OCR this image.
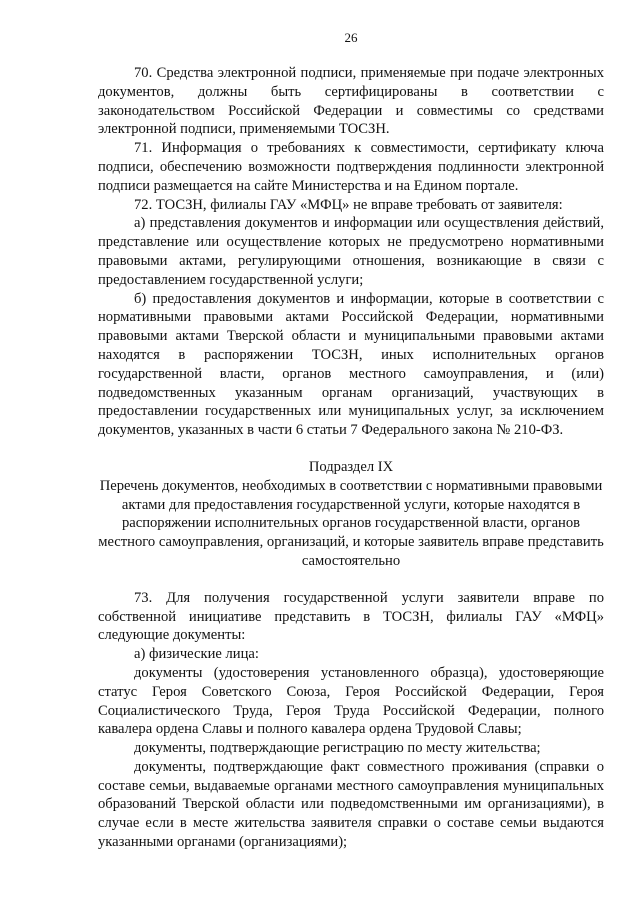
26

70. Средства электронной подписи, применяемые при подаче электронных документов, должны быть сертифицированы в соответствии с законодательством Российской Федерации и совместимы со средствами электронной подписи, применяемыми ТОСЗН.

71. Информация о требованиях к совместимости, сертификату ключа подписи, обеспечению возможности подтверждения подлинности электронной подписи размещается на сайте Министерства и на Едином портале.

72. ТОСЗН, филиалы ГАУ «МФЦ» не вправе требовать от заявителя:

а) представления документов и информации или осуществления действий, представление или осуществление которых не предусмотрено нормативными правовыми актами, регулирующими отношения, возникающие в связи с предоставлением государственной услуги;

б) предоставления документов и информации, которые в соответствии с нормативными правовыми актами Российской Федерации, нормативными правовыми актами Тверской области и муниципальными правовыми актами находятся в распоряжении ТОСЗН, иных исполнительных органов государственной власти, органов местного самоуправления, и (или) подведомственных указанным органам организаций, участвующих в предоставлении государственных или муниципальных услуг, за исключением документов, указанных в части 6 статьи 7 Федерального закона № 210-ФЗ.

Подраздел IX
Перечень документов, необходимых в соответствии с нормативными правовыми актами для предоставления государственной услуги, которые находятся в распоряжении исполнительных органов государственной власти, органов местного самоуправления, организаций, и которые заявитель вправе представить самостоятельно

73. Для получения государственной услуги заявители вправе по собственной инициативе представить в ТОСЗН, филиалы ГАУ «МФЦ» следующие документы:

а) физические лица:

документы (удостоверения установленного образца), удостоверяющие статус Героя Советского Союза, Героя Российской Федерации, Героя Социалистического Труда, Героя Труда Российской Федерации, полного кавалера ордена Славы и полного кавалера ордена Трудовой Славы;

документы, подтверждающие регистрацию по месту жительства;

документы, подтверждающие факт совместного проживания (справки о составе семьи, выдаваемые органами местного самоуправления муниципальных образований Тверской области или подведомственными им организациями), в случае если в месте жительства заявителя справки о составе семьи выдаются указанными органами (организациями);
